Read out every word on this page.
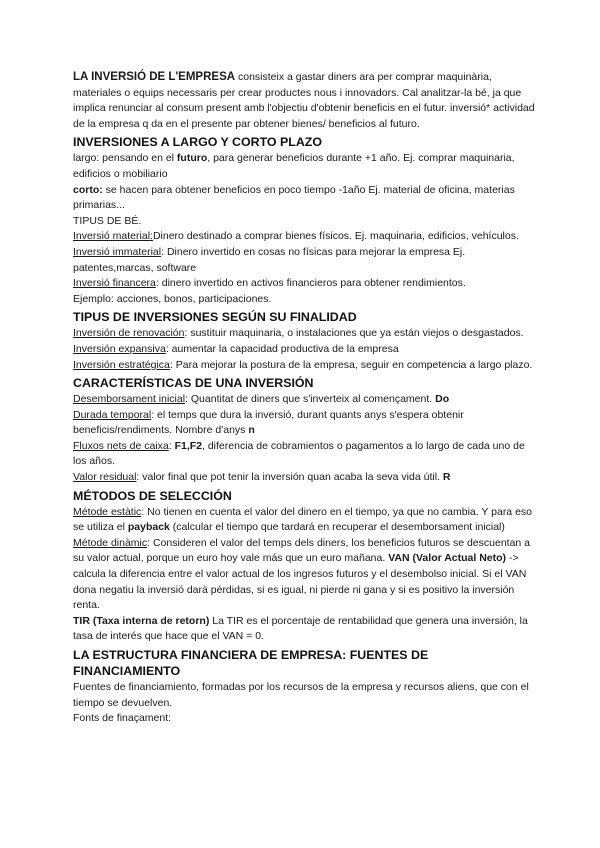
LA INVERSIÓ DE L'EMPRESA consisteix a gastar diners ara per comprar maquinària, materiales o equips necessaris per crear productes nous i innovadors. Cal analitzar-la bé, ja que implica renunciar al consum present amb l'objectiu d'obtenir beneficis en el futur. inversió* actividad de la empresa q da en el presente par obtener bienes/ beneficios al futuro.

INVERSIONES A LARGO Y CORTO PLAZO

largo: pensando en el futuro, para generar beneficios durante +1 año. Ej. comprar maquinaria, edificios o mobiliario

corto: se hacen para obtener beneficios en poco tiempo -1año Ej. material de oficina, materias primarias...

TIPUS DE BÉ.

Inversió material:Dinero destinado a comprar bienes físicos. Ej. maquinaria, edificios, vehículos.

Inversió immaterial: Dinero invertido en cosas no físicas para mejorar la empresa Ej. patentes,marcas, software

Inversió financera: dinero invertido en activos financieros para obtener rendimientos.

Ejemplo: acciones, bonos, participaciones.

TIPUS DE INVERSIONES SEGÚN SU FINALIDAD

Inversión de renovación: sustituir maquinaria, o instalaciones que ya están viejos o desgastados.

Inversión expansiva: aumentar la capacidad productiva de la empresa

Inversión estratégica: Para mejorar la postura de la empresa, seguir en competencia a largo plazo.

CARACTERÍSTICAS DE UNA INVERSIÓN

Desemborsament inicial: Quantitat de diners que s'inverteix al començament. Do

Durada temporal: el temps que dura la inversió, durant quants anys s'espera obtenir beneficis/rendiments. Nombre d'anys n

Fluxos nets de caixa: F1,F2, diferencia de cobramientos o pagamentos a lo largo de cada uno de los años.

Valor residual: valor final que pot tenir la inversión quan acaba la seva vida útil. R

MÉTODOS DE SELECCIÓN

Métode estàtic: No tienen en cuenta el valor del dinero en el tiempo, ya que no cambia. Y para eso se utiliza el payback (calcular el tiempo que tardará en recuperar el desemborsament inicial)

Métode dinàmic: Consideren el valor del temps dels diners, los beneficios futuros se descuentan a su valor actual, porque un euro hoy vale más que un euro mañana. VAN (Valor Actual Neto) -> calcula la diferencia entre el valor actual de los ingresos futuros y el desembolso inicial. Si el VAN dona negatiu la inversió darà pérdidas, si es igual, ni pierde ni gana y si es positivo la inversión renta.

TIR (Taxa interna de retorn) La TIR es el porcentaje de rentabilidad que genera una inversión, la tasa de interés que hace que el VAN = 0.

LA ESTRUCTURA FINANCIERA DE EMPRESA: FUENTES DE FINANCIAMIENTO

Fuentes de financiamiento, formadas por los recursos de la empresa y recursos aliens, que con el tiempo se devuelven.

Fonts de finaçament:
